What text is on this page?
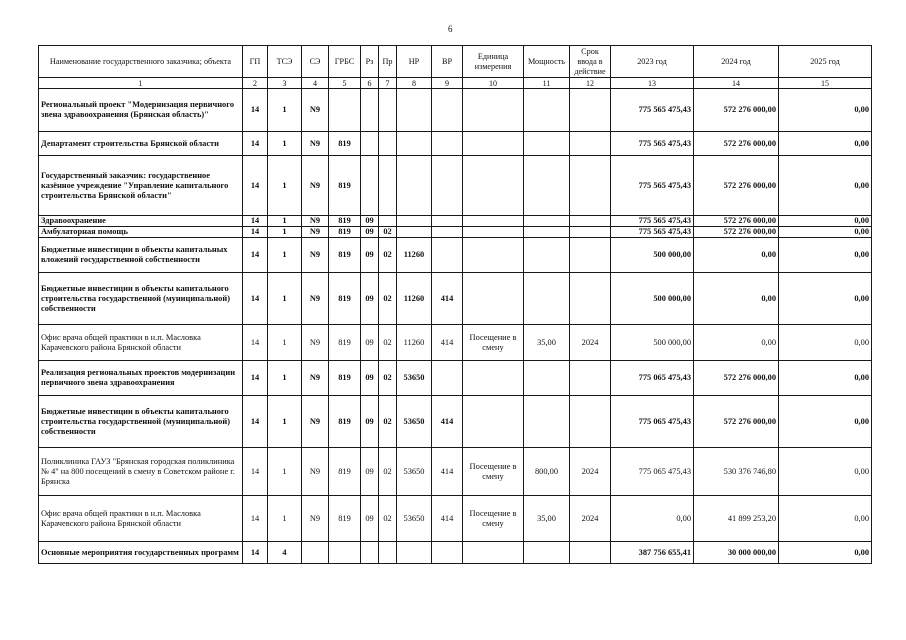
6
Наименование государственного заказчика; объекта	ГП	ТСЭ	СЭ	ГРБС	Рз	Пр	НР	ВР	Единица измерения	Мощность	Срок ввода в действие	2023 год	2024 год	2025 год
1	2	3	4	5	6	7	8	9	10	11	12	13	14	15
Региональный проект "Модернизация первичного звена здравоохранения (Брянская область)"	14	1	N9									775 565 475,43	572 276 000,00	0,00
Департамент строительства Брянской области	14	1	N9	819								775 565 475,43	572 276 000,00	0,00
Государственный заказчик: государственное казённое учреждение "Управление капитального строительства Брянской области"	14	1	N9	819								775 565 475,43	572 276 000,00	0,00
Здравоохранение	14	1	N9	819	09							775 565 475,43	572 276 000,00	0,00
Амбулаторная помощь	14	1	N9	819	09	02						775 565 475,43	572 276 000,00	0,00
Бюджетные инвестиции в объекты капитальных вложений государственной собственности	14	1	N9	819	09	02	11260					500 000,00	0,00	0,00
Бюджетные инвестиции в объекты капитального строительства государственной (муниципальной) собственности	14	1	N9	819	09	02	11260	414				500 000,00	0,00	0,00
Офис врача общей практики в н.п. Масловка Карачевского района Брянской области	14	1	N9	819	09	02	11260	414	Посещение в смену	35,00	2024	500 000,00	0,00	0,00
Реализация региональных проектов модернизации первичного звена здравоохранения	14	1	N9	819	09	02	53650					775 065 475,43	572 276 000,00	0,00
Бюджетные инвестиции в объекты капитального строительства государственной (муниципальной) собственности	14	1	N9	819	09	02	53650	414				775 065 475,43	572 276 000,00	0,00
Поликлиника ГАУЗ "Брянская городская поликлиника № 4" на 800 посещений в смену в Советском районе г. Брянска	14	1	N9	819	09	02	53650	414	Посещение в смену	800,00	2024	775 065 475,43	530 376 746,80	0,00
Офис врача общей практики в н.п. Масловка Карачевского района Брянской области	14	1	N9	819	09	02	53650	414	Посещение в смену	35,00	2024	0,00	41 899 253,20	0,00
Основные мероприятия государственных программ	14	4										387 756 655,41	30 000 000,00	0,00
